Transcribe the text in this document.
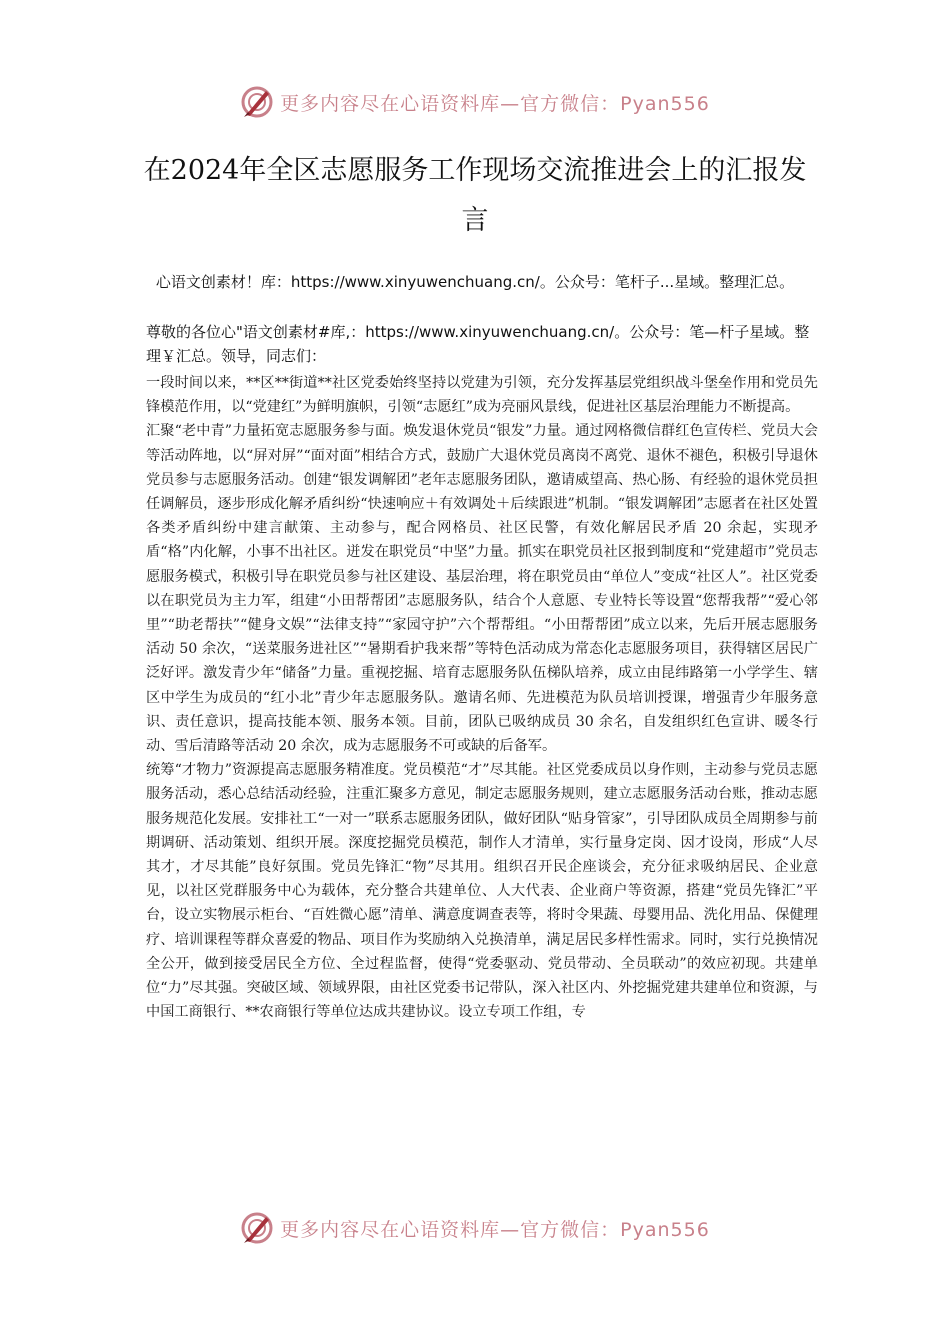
更多内容尽在心语资料库—官方微信：Pyan556
在2024年全区志愿服务工作现场交流推进会上的汇报发言

心语文创素材！库：https://www.xinyuwenchuang.cn/。公众号：笔杆子...星域。整理汇总。

尊敬的各位心"语文创素材#库,：https://www.xinyuwenchuang.cn/。公众号：笔—杆子星域。整理￥汇总。领导，同志们：

一段时间以来，**区**街道**社区党委始终坚持以党建为引领，充分发挥基层党组织战斗堡垒作用和党员先锋模范作用，以“党建红”为鲜明旗帜，引领“志愿红”成为亮丽风景线，促进社区基层治理能力不断提高。

汇聚“老中青”力量拓宽志愿服务参与面。焕发退休党员“银发”力量。通过网格微信群红色宣传栏、党员大会等活动阵地，以“屏对屏”“面对面”相结合方式，鼓励广大退休党员离岗不离党、退休不褪色，积极引导退休党员参与志愿服务活动。创建“银发调解团”老年志愿服务团队，邀请威望高、热心肠、有经验的退休党员担任调解员，逐步形成化解矛盾纠纷“快速响应＋有效调处＋后续跟进”机制。“银发调解团”志愿者在社区处置各类矛盾纠纷中建言献策、主动参与，配合网格员、社区民警，有效化解居民矛盾 20 余起，实现矛盾“格”内化解，小事不出社区。迸发在职党员“中坚”力量。抓实在职党员社区报到制度和“党建超市”党员志愿服务模式，积极引导在职党员参与社区建设、基层治理，将在职党员由“单位人”变成“社区人”。社区党委以在职党员为主力军，组建“小田帮帮团”志愿服务队，结合个人意愿、专业特长等设置“您帮我帮”“爱心邻里”“助老帮扶”“健身文娱”“法律支持”“家园守护”六个帮帮组。“小田帮帮团”成立以来，先后开展志愿服务活动 50 余次，“送菜服务进社区”“暑期看护我来帮”等特色活动成为常态化志愿服务项目，获得辖区居民广泛好评。激发青少年“储备”力量。重视挖掘、培育志愿服务队伍梯队培养，成立由昆纬路第一小学学生、辖区中学生为成员的“红小北”青少年志愿服务队。邀请名师、先进模范为队员培训授课，增强青少年服务意识、责任意识，提高技能本领、服务本领。目前，团队已吸纳成员 30 余名，自发组织红色宣讲、暖冬行动、雪后清路等活动 20 余次，成为志愿服务不可或缺的后备军。

统筹“才物力”资源提高志愿服务精准度。党员模范“才”尽其能。社区党委成员以身作则，主动参与党员志愿服务活动，悉心总结活动经验，注重汇聚多方意见，制定志愿服务规则，建立志愿服务活动台账，推动志愿服务规范化发展。安排社工“一对一”联系志愿服务团队，做好团队“贴身管家”，引导团队成员全周期参与前期调研、活动策划、组织开展。深度挖掘党员模范，制作人才清单，实行量身定岗、因才设岗，形成“人尽其才，才尽其能”良好氛围。党员先锋汇“物”尽其用。组织召开民企座谈会，充分征求吸纳居民、企业意见，以社区党群服务中心为载体，充分整合共建单位、人大代表、企业商户等资源，搭建“党员先锋汇”平台，设立实物展示柜台、“百姓微心愿”清单、满意度调查表等，将时令果蔬、母婴用品、洗化用品、保健理疗、培训课程等群众喜爱的物品、项目作为奖励纳入兑换清单，满足居民多样性需求。同时，实行兑换情况全公开，做到接受居民全方位、全过程监督，使得“党委驱动、党员带动、全员联动”的效应初现。共建单位“力”尽其强。突破区域、领域界限，由社区党委书记带队，深入社区内、外挖掘党建共建单位和资源，与中国工商银行、**农商银行等单位达成共建协议。设立专项工作组，专

更多内容尽在心语资料库—官方微信：Pyan556
